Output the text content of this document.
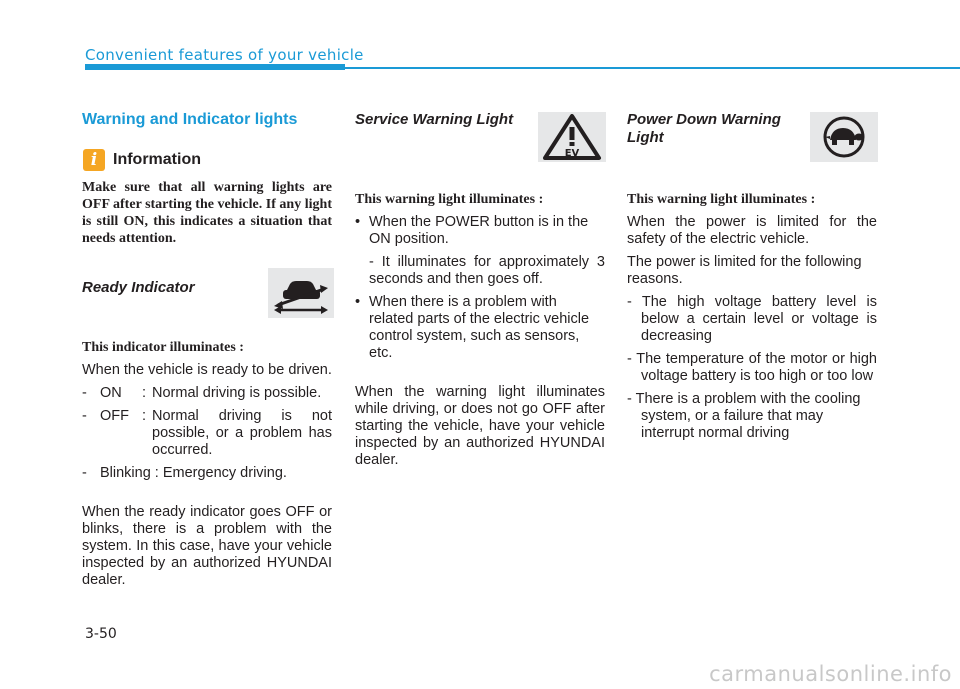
Convenient features of your vehicle
Warning and Indicator lights
i Information

Make sure that all warning lights are OFF after starting the vehicle. If any light is still ON, this indicates a situation that needs attention.

Ready Indicator

This indicator illuminates :

When the vehicle is ready to be driven.

- ON	: Normal driving is possible.
- OFF : Normal driving is not possible, or a problem has occurred.
- Blinking : Emergency driving.

When the ready indicator goes OFF or blinks, there is a problem with the system. In this case, have your vehicle inspected by an authorized HYUNDAI dealer.

Service Warning Light

This warning light illuminates :

• When the POWER button is in the ON position.
- It illuminates for approximately 3 seconds and then goes off.
• When there is a problem with related parts of the electric vehicle control system, such as sensors, etc.

When the warning light illuminates while driving, or does not go OFF after starting the vehicle, have your vehicle inspected by an authorized HYUNDAI dealer.

EV

Power Down Warning Light

This warning light illuminates :

When the power is limited for the safety of the electric vehicle.

The power is limited for the following reasons.

- The high voltage battery level is below a certain level or voltage is decreasing

- The temperature of the motor or high voltage battery is too high or too low

- There is a problem with the cooling system, or a failure that may interrupt normal driving

3-50
carmanualsonline.info
